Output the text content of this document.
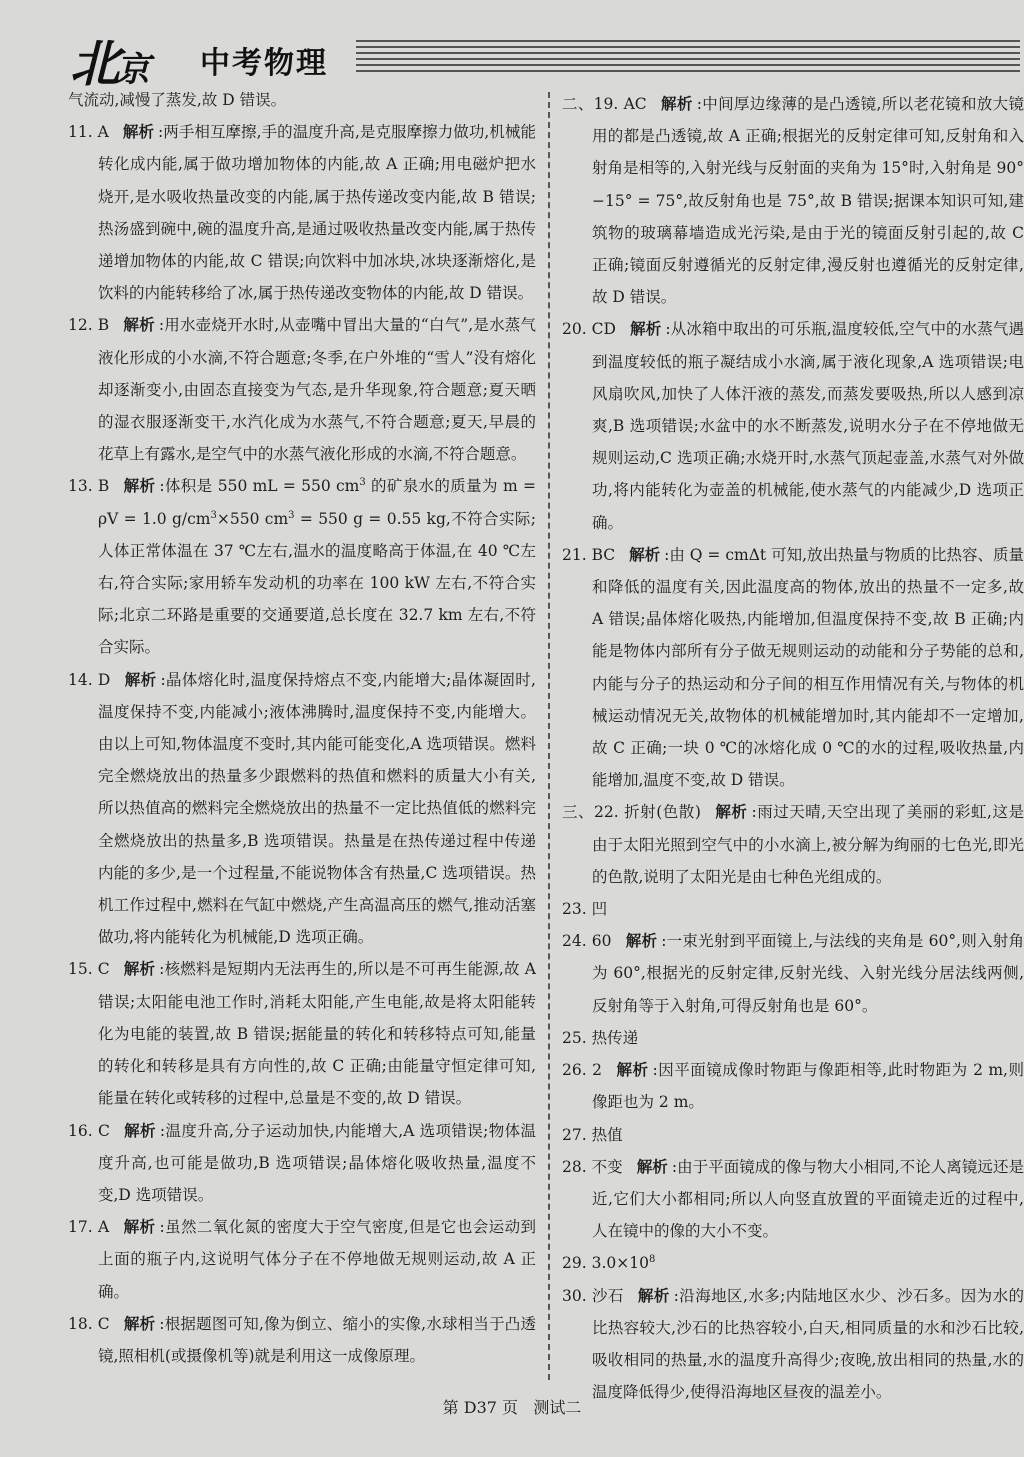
北京 中考物理
气流动,减慢了蒸发,故 D 错误。
11. A 解析 :两手相互摩擦,手的温度升高,是克服摩擦力做功,机械能转化成内能,属于做功增加物体的内能,故 A 正确;用电磁炉把水烧开,是水吸收热量改变的内能,属于热传递改变内能,故 B 错误;热汤盛到碗中,碗的温度升高,是通过吸收热量改变内能,属于热传递增加物体的内能,故 C 错误;向饮料中加冰块,冰块逐渐熔化,是饮料的内能转移给了冰,属于热传递改变物体的内能,故 D 错误。
12. B 解析 :用水壶烧开水时,从壶嘴中冒出大量的“白气”,是水蒸气液化形成的小水滴,不符合题意;冬季,在户外堆的“雪人”没有熔化却逐渐变小,由固态直接变为气态,是升华现象,符合题意;夏天晒的湿衣服逐渐变干,水汽化成为水蒸气,不符合题意;夏天,早晨的花草上有露水,是空气中的水蒸气液化形成的水滴,不符合题意。
13. B 解析 :体积是 550 mL = 550 $cm^3$ 的矿泉水的质量为 m = ρV = 1.0 $g/cm^3\times 550$ $cm^3 = 550$ g = 0.55 kg,不符合实际;人体正常体温在 37 ℃左右,温水的温度略高于体温,在 40 ℃左右,符合实际;家用轿车发动机的功率在 100 kW 左右,不符合实际;北京二环路是重要的交通要道,总长度在 32.7 km 左右,不符合实际。
14. D 解析 :晶体熔化时,温度保持熔点不变,内能增大;晶体凝固时,温度保持不变,内能减小;液体沸腾时,温度保持不变,内能增大。由以上可知,物体温度不变时,其内能可能变化,A 选项错误。燃料完全燃烧放出的热量多少跟燃料的热值和燃料的质量大小有关,所以热值高的燃料完全燃烧放出的热量不一定比热值低的燃料完全燃烧放出的热量多,B 选项错误。热量是在热传递过程中传递内能的多少,是一个过程量,不能说物体含有热量,C 选项错误。热机工作过程中,燃料在气缸中燃烧,产生高温高压的燃气,推动活塞做功,将内能转化为机械能,D 选项正确。
15. C 解析 :核燃料是短期内无法再生的,所以是不可再生能源,故 A 错误;太阳能电池工作时,消耗太阳能,产生电能,故是将太阳能转化为电能的装置,故 B 错误;据能量的转化和转移特点可知,能量的转化和转移是具有方向性的,故 C 正确;由能量守恒定律可知,能量在转化或转移的过程中,总量是不变的,故 D 错误。
16. C 解析 :温度升高,分子运动加快,内能增大,A 选项错误;物体温度升高,也可能是做功,B 选项错误;晶体熔化吸收热量,温度不变,D 选项错误。
17. A 解析 :虽然二氧化氮的密度大于空气密度,但是它也会运动到上面的瓶子内,这说明气体分子在不停地做无规则运动,故 A 正确。
18. C 解析 :根据题图可知,像为倒立、缩小的实像,水球相当于凸透镜,照相机(或摄像机等)就是利用这一成像原理。
二、19. AC 解析 :中间厚边缘薄的是凸透镜,所以老花镜和放大镜用的都是凸透镜,故 A 正确;根据光的反射定律可知,反射角和入射角是相等的,入射光线与反射面的夹角为 15°时,入射角是 90°−15° = 75°,故反射角也是 75°,故 B 错误;据课本知识可知,建筑物的玻璃幕墙造成光污染,是由于光的镜面反射引起的,故 C 正确;镜面反射遵循光的反射定律,漫反射也遵循光的反射定律,故 D 错误。
20. CD 解析 :从冰箱中取出的可乐瓶,温度较低,空气中的水蒸气遇到温度较低的瓶子凝结成小水滴,属于液化现象,A 选项错误;电风扇吹风,加快了人体汗液的蒸发,而蒸发要吸热,所以人感到凉爽,B 选项错误;水盆中的水不断蒸发,说明水分子在不停地做无规则运动,C 选项正确;水烧开时,水蒸气顶起壶盖,水蒸气对外做功,将内能转化为壶盖的机械能,使水蒸气的内能减少,D 选项正确。
21. BC 解析 :由 Q = cmΔt 可知,放出热量与物质的比热容、质量和降低的温度有关,因此温度高的物体,放出的热量不一定多,故 A 错误;晶体熔化吸热,内能增加,但温度保持不变,故 B 正确;内能是物体内部所有分子做无规则运动的动能和分子势能的总和,内能与分子的热运动和分子间的相互作用情况有关,与物体的机械运动情况无关,故物体的机械能增加时,其内能却不一定增加,故 C 正确;一块 0 ℃的冰熔化成 0 ℃的水的过程,吸收热量,内能增加,温度不变,故 D 错误。
三、22. 折射(色散) 解析 :雨过天晴,天空出现了美丽的彩虹,这是由于太阳光照到空气中的小水滴上,被分解为绚丽的七色光,即光的色散,说明了太阳光是由七种色光组成的。
23. 凹
24. 60 解析 :一束光射到平面镜上,与法线的夹角是 60°,则入射角为 60°,根据光的反射定律,反射光线、入射光线分居法线两侧,反射角等于入射角,可得反射角也是 60°。
25. 热传递
26. 2 解析 :因平面镜成像时物距与像距相等,此时物距为 2 m,则像距也为 2 m。
27. 热值
28. 不变 解析 :由于平面镜成的像与物大小相同,不论人离镜远还是近,它们大小都相同;所以人向竖直放置的平面镜走近的过程中,人在镜中的像的大小不变。
29. $3.0\times 10^8$
30. 沙石 解析 :沿海地区,水多;内陆地区水少、沙石多。因为水的比热容较大,沙石的比热容较小,白天,相同质量的水和沙石比较,吸收相同的热量,水的温度升高得少;夜晚,放出相同的热量,水的温度降低得少,使得沿海地区昼夜的温差小。
第 D37 页 测试二
